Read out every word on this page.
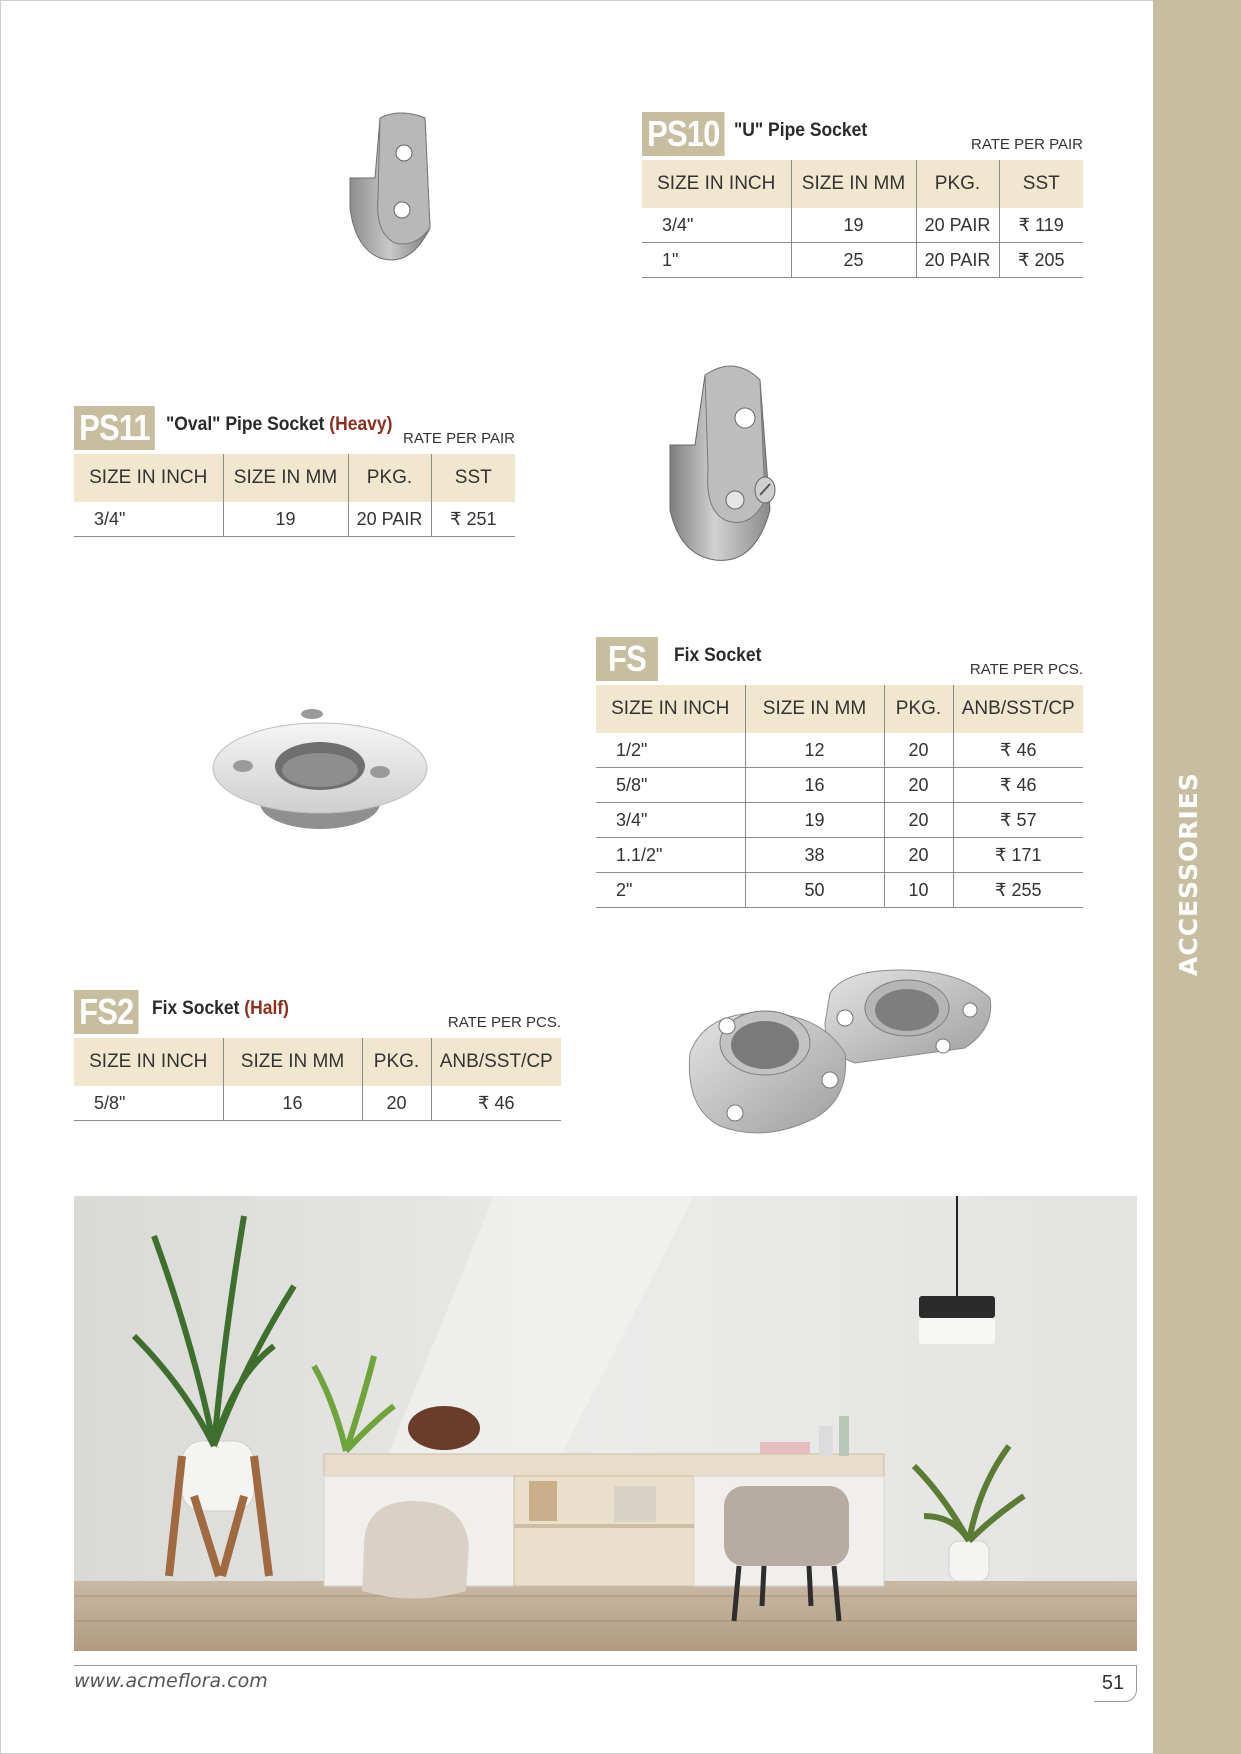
ACCESSORIES
PS10 "U" Pipe Socket
RATE PER PAIR
SIZE IN INCH	SIZE IN MM	PKG.	SST
3/4"	19	20 PAIR	₹ 119
1"	25	20 PAIR	₹ 205
PS11 "Oval" Pipe Socket (Heavy)
RATE PER PAIR
SIZE IN INCH	SIZE IN MM	PKG.	SST
3/4"	19	20 PAIR	₹ 251
FS	Fix Socket
RATE PER PCS.
SIZE IN INCH	SIZE IN MM	PKG.	ANB/SST/CP
1/2"	12	20	₹ 46
5/8"	16	20	₹ 46
3/4"	19	20	₹ 57
1.1/2"	38	20	₹ 171
2"	50	10	₹ 255
FS2 Fix Socket (Half)
RATE PER PCS.
SIZE IN INCH	SIZE IN MM	PKG.	ANB/SST/CP
5/8"	16	20	₹ 46
www.acmeflora.com	51
